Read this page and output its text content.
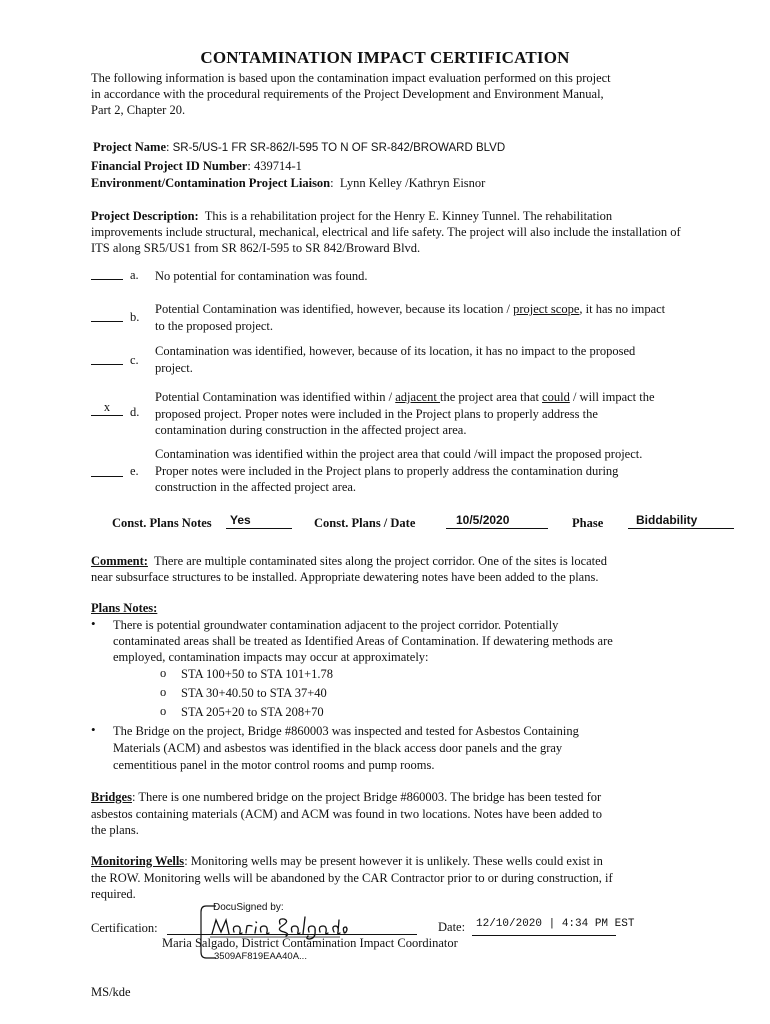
CONTAMINATION IMPACT CERTIFICATION
The following information is based upon the contamination impact evaluation performed on this project
in accordance with the procedural requirements of the Project Development and Environment Manual,
Part 2, Chapter 20.
Project Name: SR-5/US-1 FR SR-862/I-595 TO N OF SR-842/BROWARD BLVD
Financial Project ID Number: 439714-1
Environment/Contamination Project Liaison:  Lynn Kelley /Kathryn Eisnor
Project Description: This is a rehabilitation project for the Henry E. Kinney Tunnel. The rehabilitation
improvements include structural, mechanical, electrical and life safety. The project will also include the installation of
ITS along SR5/US1 from SR 862/I-595 to SR 842/Broward Blvd.
a. No potential for contamination was found.
b.
Potential Contamination was identified, however, because its location / project scope, it has no impact
to the proposed project.
c.
Contamination was identified, however, because of its location, it has no impact to the proposed
project.
x	d.
Potential Contamination was identified within / adjacent the project area that could / will impact the
proposed project. Proper notes were included in the Project plans to properly address the
contamination during construction in the affected project area.
e.
Contamination was identified within the project area that could /will impact the proposed project.
Proper notes were included in the Project plans to properly address the contamination during
construction in the affected project area.
Const. Plans Notes	Yes	Const. Plans / Date	10/5/2020	Phase	Biddability
Comment: There are multiple contaminated sites along the project corridor. One of the sites is located
near subsurface structures to be installed. Appropriate dewatering notes have been added to the plans.
Plans Notes:
• There is potential groundwater contamination adjacent to the project corridor. Potentially
contaminated areas shall be treated as Identified Areas of Contamination. If dewatering methods are
employed, contamination impacts may occur at approximately:
o STA 100+50 to STA 101+1.78
o STA 30+40.50 to STA 37+40
o STA 205+20 to STA 208+70
• The Bridge on the project, Bridge #860003 was inspected and tested for Asbestos Containing
Materials (ACM) and asbestos was identified in the black access door panels and the gray
cementitious panel in the motor control rooms and pump rooms.
Bridges: There is one numbered bridge on the project Bridge #860003. The bridge has been tested for
asbestos containing materials (ACM) and ACM was found in two locations. Notes have been added to
the plans.
Monitoring Wells: Monitoring wells may be present however it is unlikely. These wells could exist in
the ROW. Monitoring wells will be abandoned by the CAR Contractor prior to or during construction, if
required.
Certification:
DocuSigned by:
Maria Salgado, District Contamination Impact Coordinator
3509AF819EAA40A...
Date: 12/10/2020 | 4:34 PM EST
MS/kde
